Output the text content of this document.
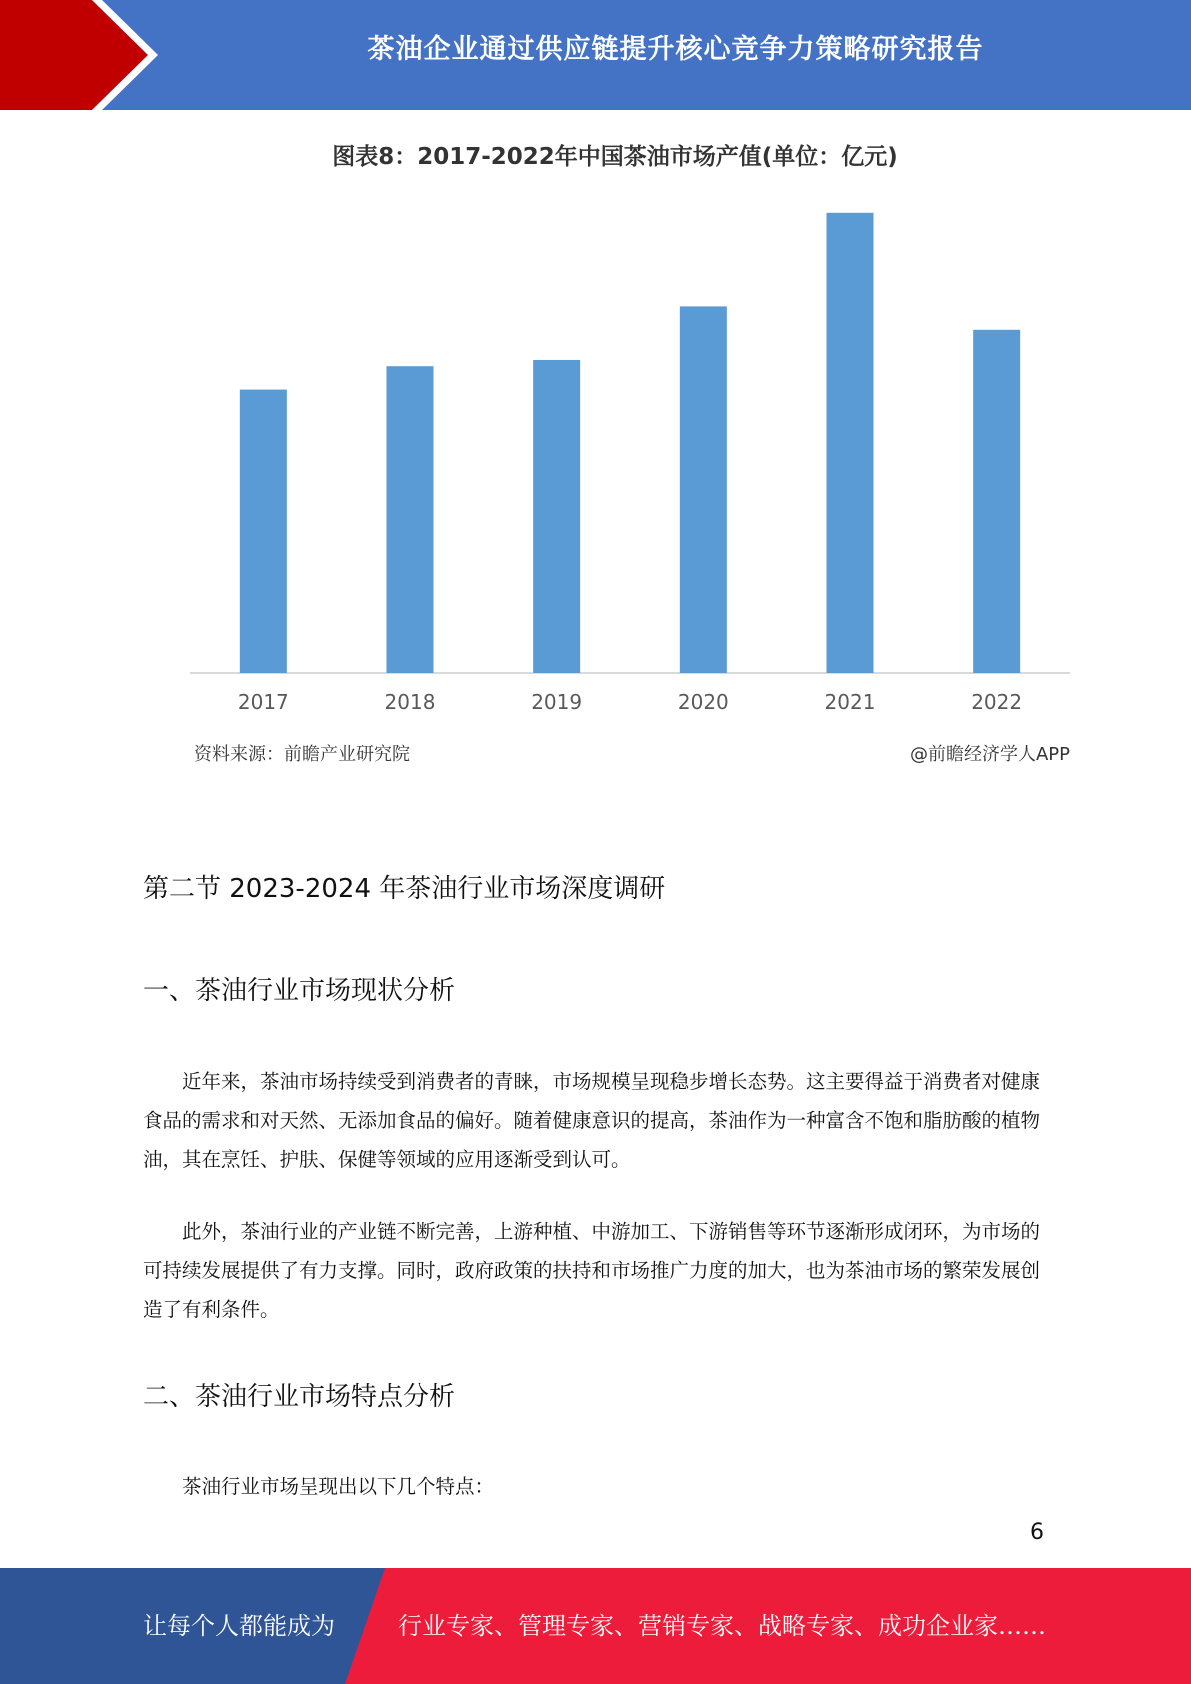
茶油企业通过供应链提升核心竞争力策略研究报告
图表8：2017-2022年中国茶油市场产值(单位：亿元)
2017	2018	2019	2020	2021	2022
资料来源：前瞻产业研究院	@前瞻经济学人APP
第二节 2023-2024 年茶油行业市场深度调研
一、茶油行业市场现状分析

近年来，茶油市场持续受到消费者的青睐，市场规模呈现稳步增长态势。这主要得益于消费者对健康食品的需求和对天然、无添加食品的偏好。随着健康意识的提高，茶油作为一种富含不饱和脂肪酸的植物油，其在烹饪、护肤、保健等领域的应用逐渐受到认可。

此外，茶油行业的产业链不断完善，上游种植、中游加工、下游销售等环节逐渐形成闭环，为市场的可持续发展提供了有力支撑。同时，政府政策的扶持和市场推广力度的加大，也为茶油市场的繁荣发展创造了有利条件。

二、茶油行业市场特点分析

茶油行业市场呈现出以下几个特点：

6
让每个人都能成为	行业专家、管理专家、营销专家、战略专家、成功企业家……
